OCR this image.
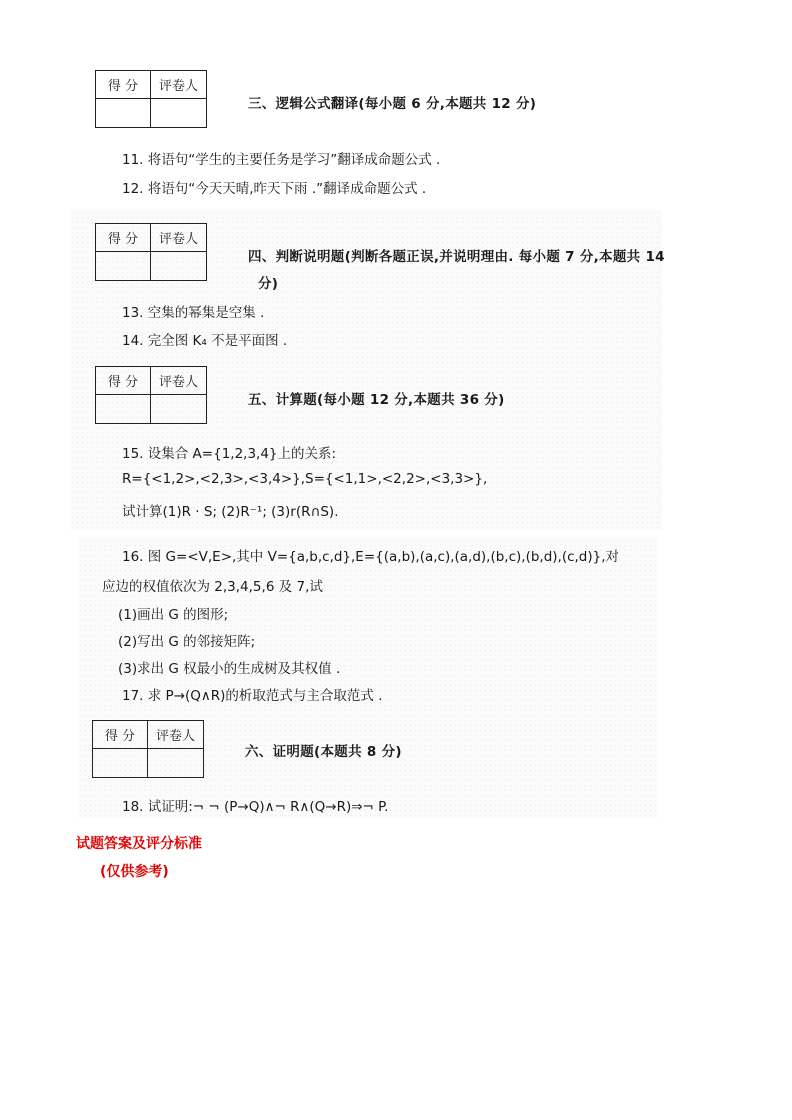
得 分	评卷人

三、逻辑公式翻译(每小题 6 分,本题共 12 分)
11. 将语句“学生的主要任务是学习”翻译成命题公式 .
12. 将语句“今天天晴,昨天下雨 .”翻译成命题公式 .
得 分	评卷人

四、判断说明题(判断各题正误,并说明理由. 每小题 7 分,本题共 14
分)
13. 空集的幂集是空集 .
14. 完全图 K₄ 不是平面图 .
得 分	评卷人

五、计算题(每小题 12 分,本题共 36 分)
15. 设集合 A={1,2,3,4}上的关系:
R={<1,2>,<2,3>,<3,4>},S={<1,1>,<2,2>,<3,3>},
试计算(1)R · S; (2)R⁻¹; (3)r(R∩S).
16. 图 G=<V,E>,其中 V={a,b,c,d},E={(a,b),(a,c),(a,d),(b,c),(b,d),(c,d)},对
应边的权值依次为 2,3,4,5,6 及 7,试
(1)画出 G 的图形;
(2)写出 G 的邻接矩阵;
(3)求出 G 权最小的生成树及其权值 .
17. 求 P→(Q∧R)的析取范式与主合取范式 .
得 分	评卷人

六、证明题(本题共 8 分)
18. 试证明:¬ ¬ (P→Q)∧¬ R∧(Q→R)⇒¬ P.
试题答案及评分标准
(仅供参考)
